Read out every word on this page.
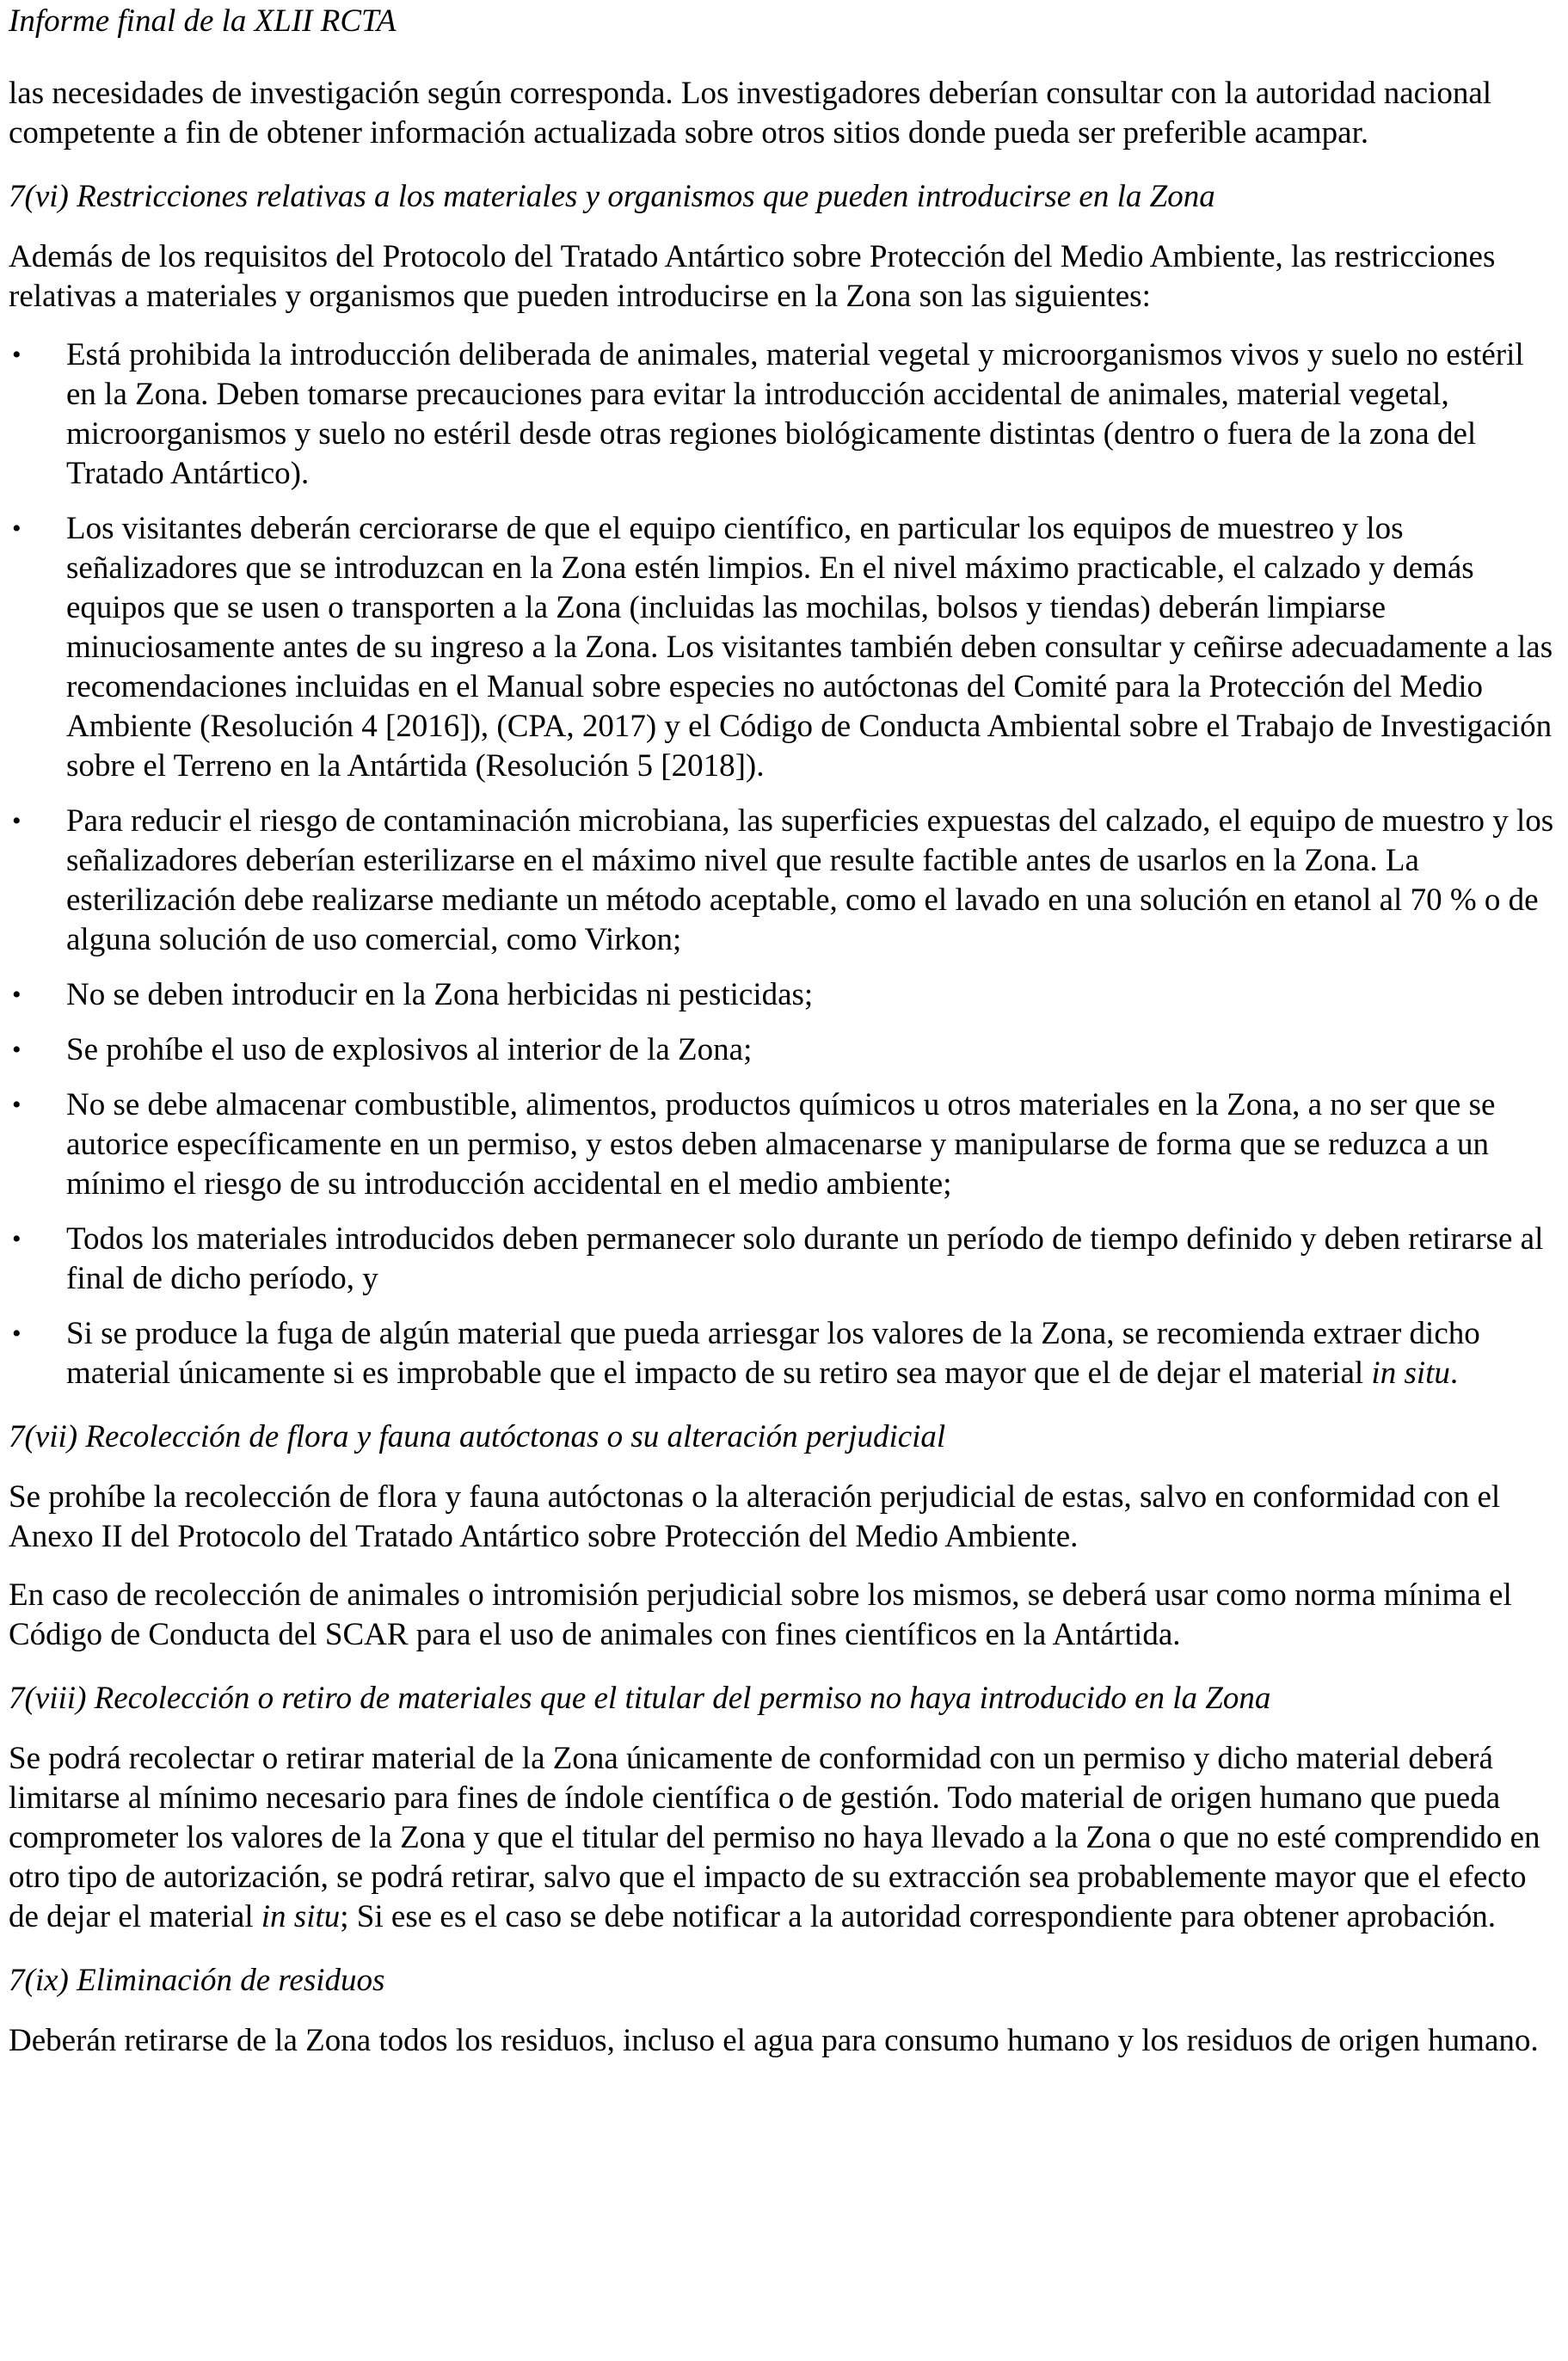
Informe final de la XLII RCTA

las necesidades de investigación según corresponda. Los investigadores deberían consultar con la autoridad nacional competente a fin de obtener información actualizada sobre otros sitios donde pueda ser preferible acampar.

7(vi) Restricciones relativas a los materiales y organismos que pueden introducirse en la Zona

Además de los requisitos del Protocolo del Tratado Antártico sobre Protección del Medio Ambiente, las restricciones relativas a materiales y organismos que pueden introducirse en la Zona son las siguientes:

• Está prohibida la introducción deliberada de animales, material vegetal y microorganismos vivos y suelo no estéril en la Zona. Deben tomarse precauciones para evitar la introducción accidental de animales, material vegetal, microorganismos y suelo no estéril desde otras regiones biológicamente distintas (dentro o fuera de la zona del Tratado Antártico).
• Los visitantes deberán cerciorarse de que el equipo científico, en particular los equipos de muestreo y los señalizadores que se introduzcan en la Zona estén limpios. En el nivel máximo practicable, el calzado y demás equipos que se usen o transporten a la Zona (incluidas las mochilas, bolsos y tiendas) deberán limpiarse minuciosamente antes de su ingreso a la Zona. Los visitantes también deben consultar y ceñirse adecuadamente a las recomendaciones incluidas en el Manual sobre especies no autóctonas del Comité para la Protección del Medio Ambiente (Resolución 4 [2016]), (CPA, 2017) y el Código de Conducta Ambiental sobre el Trabajo de Investigación sobre el Terreno en la Antártida (Resolución 5 [2018]).
• Para reducir el riesgo de contaminación microbiana, las superficies expuestas del calzado, el equipo de muestro y los señalizadores deberían esterilizarse en el máximo nivel que resulte factible antes de usarlos en la Zona. La esterilización debe realizarse mediante un método aceptable, como el lavado en una solución en etanol al 70 % o de alguna solución de uso comercial, como Virkon;
• No se deben introducir en la Zona herbicidas ni pesticidas;
• Se prohíbe el uso de explosivos al interior de la Zona;
• No se debe almacenar combustible, alimentos, productos químicos u otros materiales en la Zona, a no ser que se autorice específicamente en un permiso, y estos deben almacenarse y manipularse de forma que se reduzca a un mínimo el riesgo de su introducción accidental en el medio ambiente;
• Todos los materiales introducidos deben permanecer solo durante un período de tiempo definido y deben retirarse al final de dicho período, y
• Si se produce la fuga de algún material que pueda arriesgar los valores de la Zona, se recomienda extraer dicho material únicamente si es improbable que el impacto de su retiro sea mayor que el de dejar el material in situ.
7(vii) Recolección de flora y fauna autóctonas o su alteración perjudicial

Se prohíbe la recolección de flora y fauna autóctonas o la alteración perjudicial de estas, salvo en conformidad con el Anexo II del Protocolo del Tratado Antártico sobre Protección del Medio Ambiente.

En caso de recolección de animales o intromisión perjudicial sobre los mismos, se deberá usar como norma mínima el Código de Conducta del SCAR para el uso de animales con fines científicos en la Antártida.

7(viii) Recolección o retiro de materiales que el titular del permiso no haya introducido en la Zona

Se podrá recolectar o retirar material de la Zona únicamente de conformidad con un permiso y dicho material deberá limitarse al mínimo necesario para fines de índole científica o de gestión. Todo material de origen humano que pueda comprometer los valores de la Zona y que el titular del permiso no haya llevado a la Zona o que no esté comprendido en otro tipo de autorización, se podrá retirar, salvo que el impacto de su extracción sea probablemente mayor que el efecto de dejar el material in situ; Si ese es el caso se debe notificar a la autoridad correspondiente para obtener aprobación.

7(ix) Eliminación de residuos

Deberán retirarse de la Zona todos los residuos, incluso el agua para consumo humano y los residuos de origen humano.
